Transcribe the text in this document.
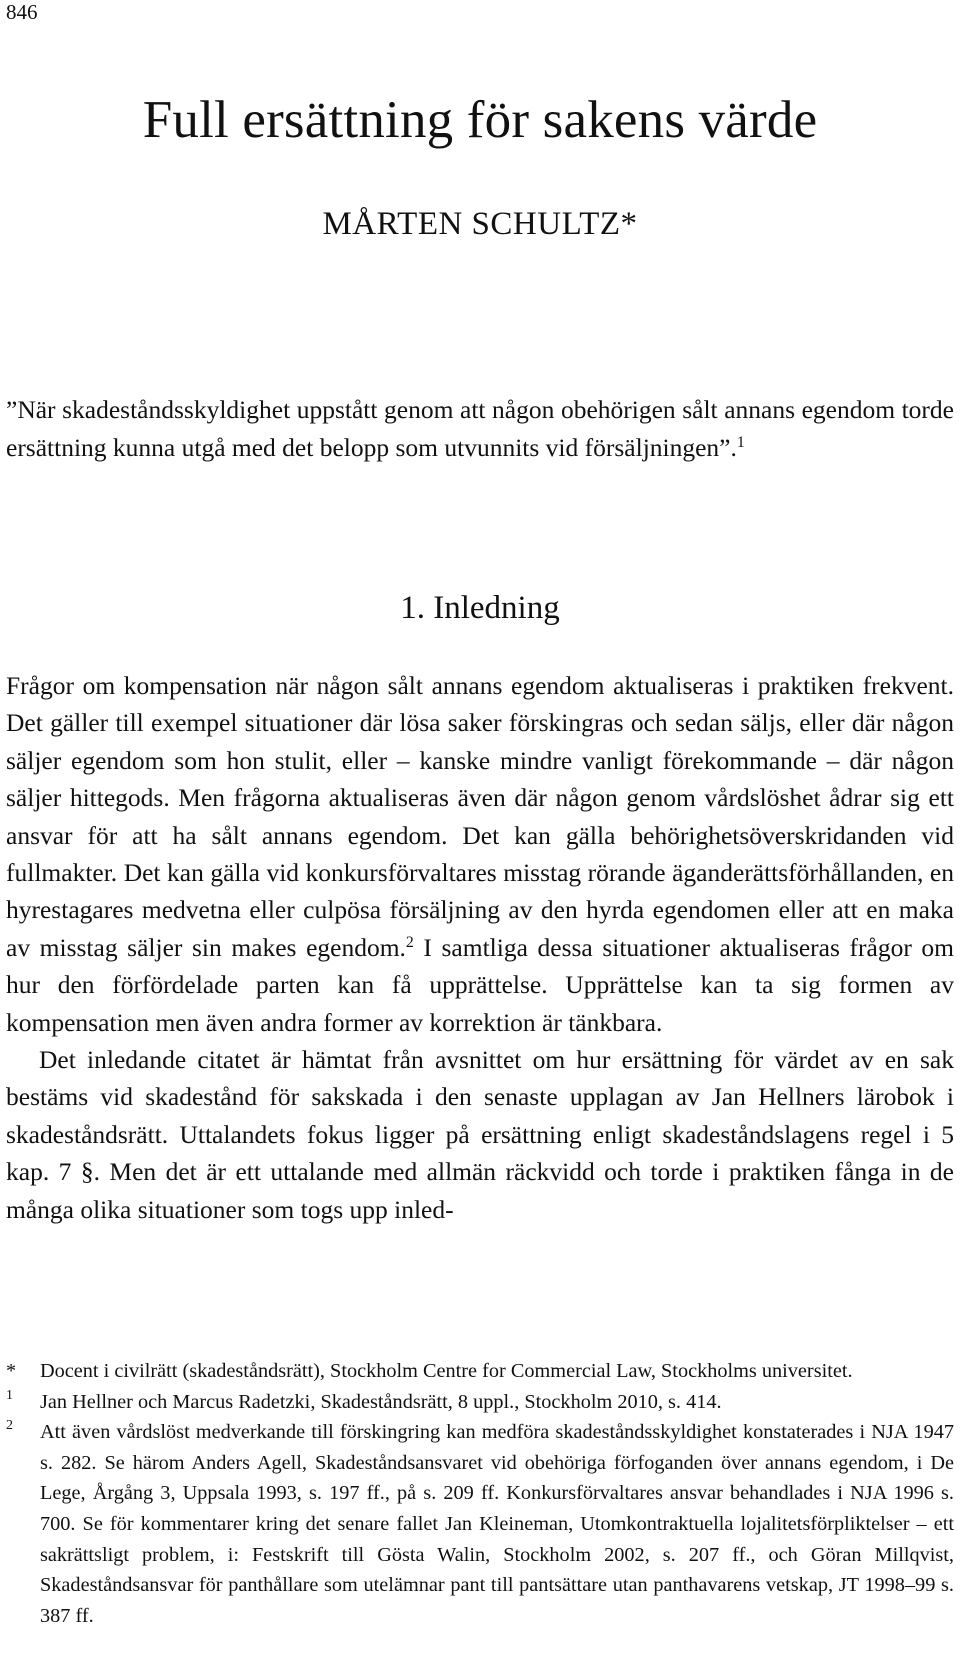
846
Full ersättning för sakens värde
MÅRTEN SCHULTZ*
”När skadeståndsskyldighet uppstått genom att någon obehörigen sålt annans egendom torde ersättning kunna utgå med det belopp som utvunnits vid försäljningen”.$^1$
1. Inledning

Frågor om kompensation när någon sålt annans egendom aktualiseras i praktiken frekvent. Det gäller till exempel situationer där lösa saker förskingras och sedan säljs, eller där någon säljer egendom som hon stulit, eller – kanske mindre vanligt förekommande – där någon säljer hittegods. Men frågorna aktualiseras även där någon genom vårdslöshet ådrar sig ett ansvar för att ha sålt annans egendom. Det kan gälla behörighetsöverskridanden vid fullmakter. Det kan gälla vid konkursförvaltares misstag rörande äganderättsförhållanden, en hyrestagares medvetna eller culpösa försäljning av den hyrda egendomen eller att en maka av misstag säljer sin makes egendom.$^2$ I samtliga dessa situationer aktualiseras frågor om hur den förfördelade parten kan få upprättelse. Upprättelse kan ta sig formen av kompensation men även andra former av korrektion är tänkbara.

Det inledande citatet är hämtat från avsnittet om hur ersättning för värdet av en sak bestäms vid skadestånd för sakskada i den senaste upplagan av Jan Hellners lärobok i skadeståndsrätt. Uttalandets fokus ligger på ersättning enligt skadeståndslagens regel i 5 kap. 7 §. Men det är ett uttalande med allmän räckvidd och torde i praktiken fånga in de många olika situationer som togs upp inled-

* Docent i civilrätt (skadeståndsrätt), Stockholm Centre for Commercial Law, Stockholms universitet.
1 Jan Hellner och Marcus Radetzki, Skadeståndsrätt, 8 uppl., Stockholm 2010, s. 414.
2 Att även vårdslöst medverkande till förskingring kan medföra skadeståndsskyldighet konstaterades i NJA 1947 s. 282. Se härom Anders Agell, Skadeståndsansvaret vid obehöriga förfoganden över annans egendom, i De Lege, Årgång 3, Uppsala 1993, s. 197 ff., på s. 209 ff. Konkursförvaltares ansvar behandlades i NJA 1996 s. 700. Se för kommentarer kring det senare fallet Jan Kleineman, Utomkontraktuella lojalitetsförpliktelser – ett sakrättsligt problem, i: Festskrift till Gösta Walin, Stockholm 2002, s. 207 ff., och Göran Millqvist, Skadeståndsansvar för panthållare som utelämnar pant till pantsättare utan panthavarens vetskap, JT 1998–99 s. 387 ff.
